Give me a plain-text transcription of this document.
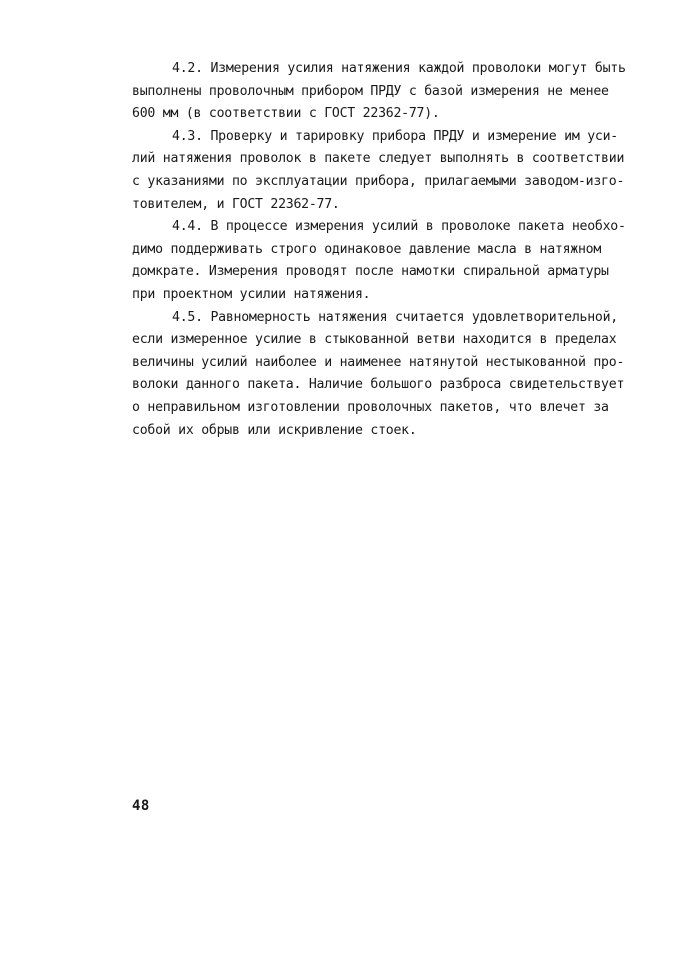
4.2. Измерения усилия натяжения каждой проволоки могут быть
выполнены проволочным прибором ПРДУ с базой измерения не менее
600 мм (в соответствии с ГОСТ 22362-77).
4.3. Проверку и тарировку прибора ПРДУ и измерение им уси-
лий натяжения проволок в пакете следует выполнять в соответствии
с указаниями по эксплуатации прибора, прилагаемыми заводом-изго-
товителем, и ГОСТ 22362-77.
4.4. В процессе измерения усилий в проволоке пакета необхо-
димо поддерживать строго одинаковое давление масла в натяжном
домкрате. Измерения проводят после намотки спиральной арматуры
при проектном усилии натяжения.
4.5. Равномерность натяжения считается удовлетворительной,
если измеренное усилие в стыкованной ветви находится в пределах
величины усилий наиболее и наименее натянутой нестыкованной про-
волоки данного пакета. Наличие большого разброса свидетельствует
о неправильном изготовлении проволочных пакетов, что влечет за
собой их обрыв или искривление стоек.
48
